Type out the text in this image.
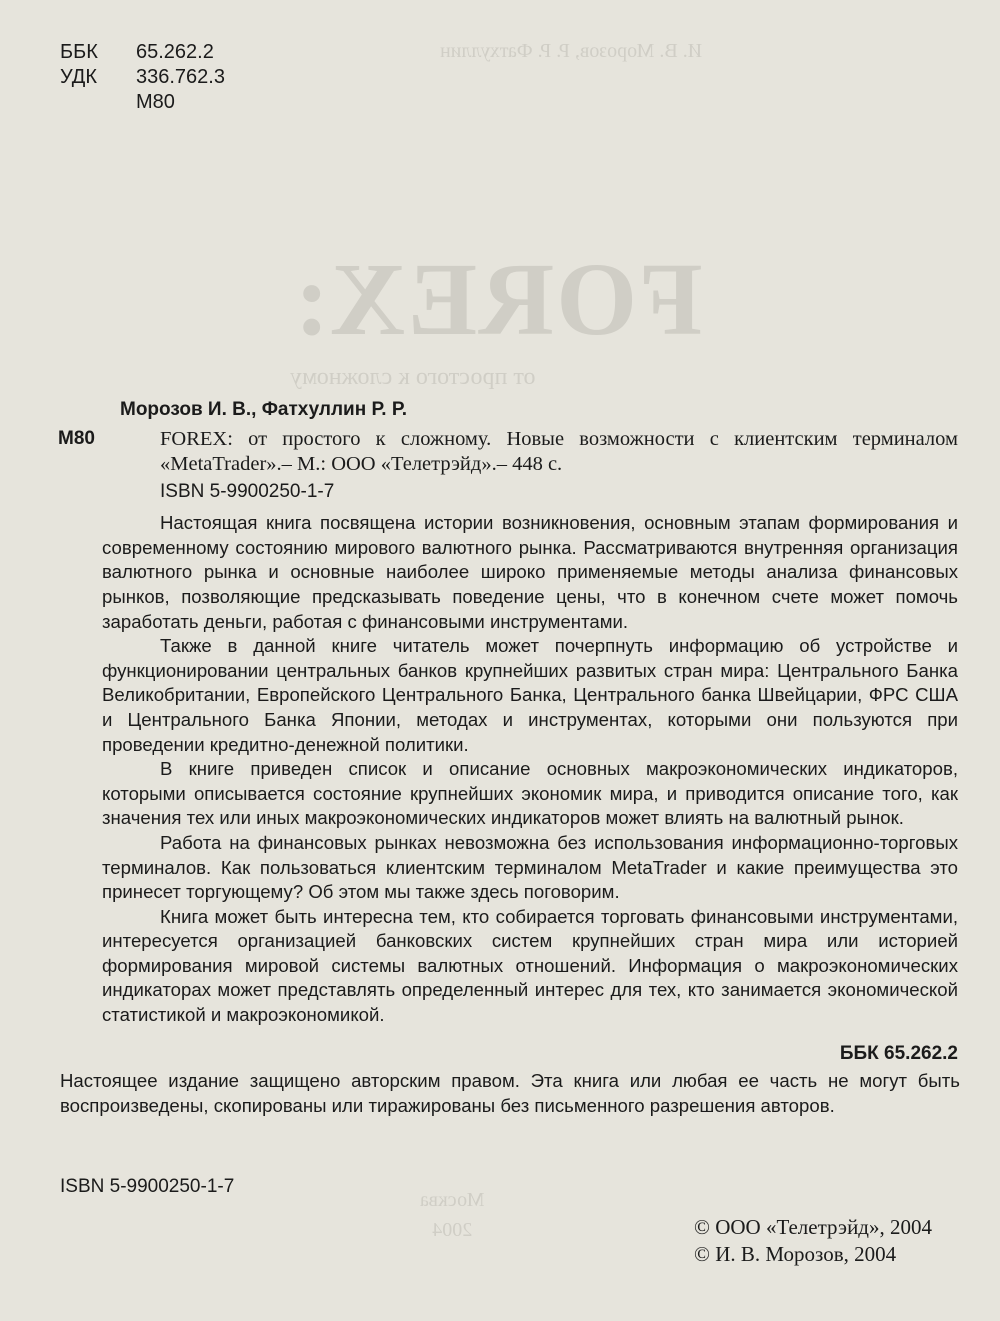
И. В. Морозов, Р. Р. Фатхуллин
FOREX:
от простого к сложному
Москва
2004
ББК	65.262.2
УДК	336.762.3
М80
Морозов И. В., Фатхуллин Р. Р.
М80	FOREX: от простого к сложному. Новые возможности с клиентским терминалом «MetaTrader».– М.: ООО «Телетрэйд».– 448 с.
ISBN 5-9900250-1-7

Настоящая книга посвящена истории возникновения, основным этапам формирования и современному состоянию мирового валютного рынка. Рассматриваются внутренняя организация валютного рынка и основные наиболее широко применяемые методы анализа финансовых рынков, позволяющие предсказывать поведение цены, что в конечном счете может помочь заработать деньги, работая с финансовыми инструментами.

Также в данной книге читатель может почерпнуть информацию об устройстве и функционировании центральных банков крупнейших развитых стран мира: Центрального Банка Великобритании, Европейского Центрального Банка, Центрального банка Швейцарии, ФРС США и Центрального Банка Японии, методах и инструментах, которыми они пользуются при проведении кредитно-денежной политики.

В книге приведен список и описание основных макроэкономических индикаторов, которыми описывается состояние крупнейших экономик мира, и приводится описание того, как значения тех или иных макроэкономических индикаторов может влиять на валютный рынок.

Работа на финансовых рынках невозможна без использования информационно-торговых терминалов. Как пользоваться клиентским терминалом MetaTrader и какие преимущества это принесет торгующему? Об этом мы также здесь поговорим.

Книга может быть интересна тем, кто собирается торговать финансовыми инструментами, интересуется организацией банковских систем крупнейших стран мира или историей формирования мировой системы валютных отношений. Информация о макроэкономических индикаторах может представлять определенный интерес для тех, кто занимается экономической статистикой и макроэкономикой.

ББК 65.262.2
Настоящее издание защищено авторским правом. Эта книга или любая ее часть не могут быть воспроизведены, скопированы или тиражированы без письменного разрешения авторов.
ISBN 5-9900250-1-7
© ООО «Телетрэйд», 2004
© И. В. Морозов, 2004
